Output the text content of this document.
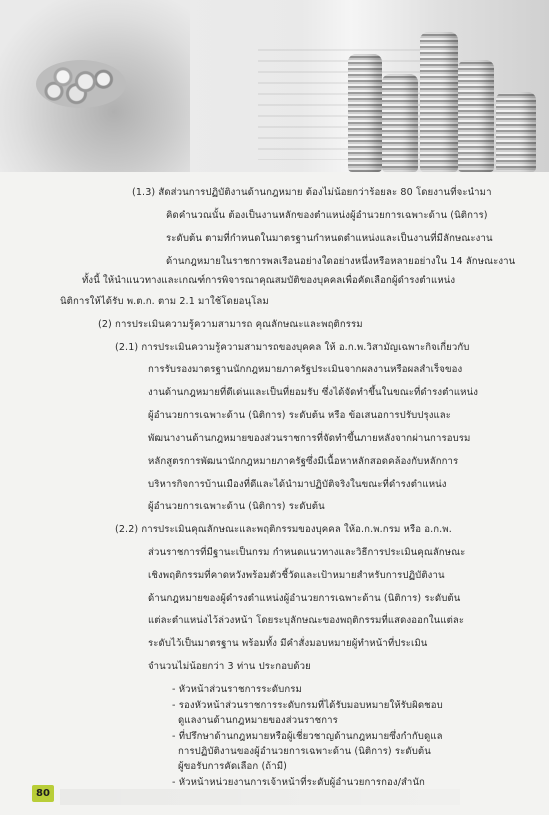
(1.3) สัดส่วนการปฏิบัติงานด้านกฎหมาย ต้องไม่น้อยกว่าร้อยละ 80 โดยงานที่จะนำมา
คิดคำนวณนั้น ต้องเป็นงานหลักของตำแหน่งผู้อำนวยการเฉพาะด้าน (นิติการ)
ระดับต้น ตามที่กำหนดในมาตรฐานกำหนดตำแหน่งและเป็นงานที่มีลักษณะงาน
ด้านกฎหมายในราชการพลเรือนอย่างใดอย่างหนึ่งหรือหลายอย่างใน 14 ลักษณะงาน
ทั้งนี้ ให้นำแนวทางและเกณฑ์การพิจารณาคุณสมบัติของบุคคลเพื่อคัดเลือกผู้ดำรงตำแหน่ง
นิติการให้ได้รับ พ.ต.ก. ตาม 2.1 มาใช้โดยอนุโลม
(2) การประเมินความรู้ความสามารถ คุณลักษณะและพฤติกรรม
(2.1) การประเมินความรู้ความสามารถของบุคคล ให้ อ.ก.พ.วิสามัญเฉพาะกิจเกี่ยวกับ
การรับรองมาตรฐานนักกฎหมายภาครัฐประเมินจากผลงานหรือผลสำเร็จของ
งานด้านกฎหมายที่ดีเด่นและเป็นที่ยอมรับ ซึ่งได้จัดทำขึ้นในขณะที่ดำรงตำแหน่ง
ผู้อำนวยการเฉพาะด้าน (นิติการ) ระดับต้น หรือ ข้อเสนอการปรับปรุงและ
พัฒนางานด้านกฎหมายของส่วนราชการที่จัดทำขึ้นภายหลังจากผ่านการอบรม
หลักสูตรการพัฒนานักกฎหมายภาครัฐซึ่งมีเนื้อหาหลักสอดคล้องกับหลักการ
บริหารกิจการบ้านเมืองที่ดีและได้นำมาปฏิบัติจริงในขณะที่ดำรงตำแหน่ง
ผู้อำนวยการเฉพาะด้าน (นิติการ) ระดับต้น
(2.2) การประเมินคุณลักษณะและพฤติกรรมของบุคคล ให้อ.ก.พ.กรม หรือ อ.ก.พ.
ส่วนราชการที่มีฐานะเป็นกรม กำหนดแนวทางและวิธีการประเมินคุณลักษณะ
เชิงพฤติกรรมที่คาดหวังพร้อมตัวชี้วัดและเป้าหมายสำหรับการปฏิบัติงาน
ด้านกฎหมายของผู้ดำรงตำแหน่งผู้อำนวยการเฉพาะด้าน (นิติการ) ระดับต้น
แต่ละตำแหน่งไว้ล่วงหน้า โดยระบุลักษณะของพฤติกรรมที่แสดงออกในแต่ละ
ระดับไว้เป็นมาตรฐาน พร้อมทั้ง มีคำสั่งมอบหมายผู้ทำหน้าที่ประเมิน
จำนวนไม่น้อยกว่า 3 ท่าน ประกอบด้วย
- หัวหน้าส่วนราชการระดับกรม
- รองหัวหน้าส่วนราชการระดับกรมที่ได้รับมอบหมายให้รับผิดชอบ
ดูแลงานด้านกฎหมายของส่วนราชการ
- ที่ปรึกษาด้านกฎหมายหรือผู้เชี่ยวชาญด้านกฎหมายซึ่งกำกับดูแล
การปฏิบัติงานของผู้อำนวยการเฉพาะด้าน (นิติการ) ระดับต้น
ผู้ขอรับการคัดเลือก (ถ้ามี)
- หัวหน้าหน่วยงานการเจ้าหน้าที่ระดับผู้อำนวยการกอง/สำนัก
80
